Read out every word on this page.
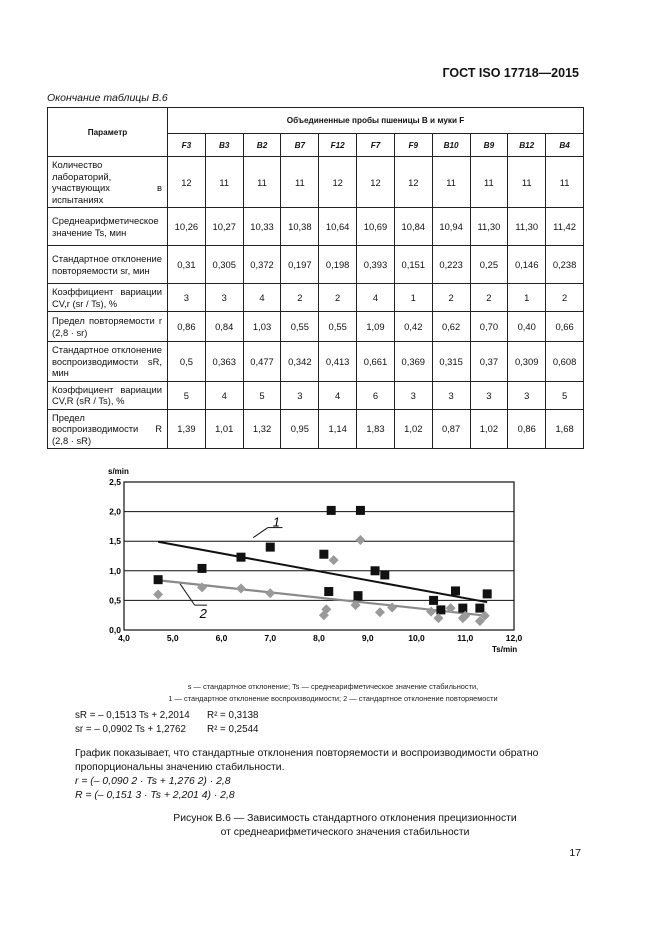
ГОСТ ISO 17718—2015
Окончание таблицы В.6
Параметр	Объединенные пробы пшеницы B и муки F										
	F3	B3	B2	B7	F12	F7	F9	B10	B9	B12	B4
Количество лабораторий, участвующих в испытаниях	12	11	11	11	12	12	12	11	11	11	11
Среднеарифметическое значение Ts, мин	10,26	10,27	10,33	10,38	10,64	10,69	10,84	10,94	11,30	11,30	11,42
Стандартное отклонение повторяемости sr, мин	0,31	0,305	0,372	0,197	0,198	0,393	0,151	0,223	0,25	0,146	0,238
Коэффициент вариации CV,r (sr / Ts), %	3	3	4	2	2	4	1	2	2	1	2
Предел повторяемости r (2,8 · sr)	0,86	0,84	1,03	0,55	0,55	1,09	0,42	0,62	0,70	0,40	0,66
Стандартное отклонение воспроизводимости sR, мин	0,5	0,363	0,477	0,342	0,413	0,661	0,369	0,315	0,37	0,309	0,608
Коэффициент вариации CV,R (sR / Ts), %	5	4	5	3	4	6	3	3	3	3	5
Предел воспроизводимости R (2,8 · sR)	1,39	1,01	1,32	0,95	1,14	1,83	1,02	0,87	1,02	0,86	1,68
0,0
0,5
1,0
1,5
2,0
2,5
4,0	5,0	6,0	7,0	8,0	9,0	10,0	11,0	12,0
s/min
Ts/min
1
2
s — стандартное отклонение; Ts — среднеарифметическое значение стабильности,
1 — стандартное отклонение воспроизводимости; 2 — стандартное отклонение повторяемости
sR = – 0,1513 Ts + 2,2014 R² = 0,3138
sr = – 0,0902 Ts + 1,2762 R² = 0,2544
График показывает, что стандартные отклонения повторяемости и воспроизводимости обратно пропорциональны значению стабильности.
r = (– 0,090 2 · Ts + 1,276 2) · 2,8
R = (– 0,151 3 · Ts + 2,201 4) · 2,8
Рисунок В.6 — Зависимость стандартного отклонения прецизионности
от среднеарифметического значения стабильности
17
